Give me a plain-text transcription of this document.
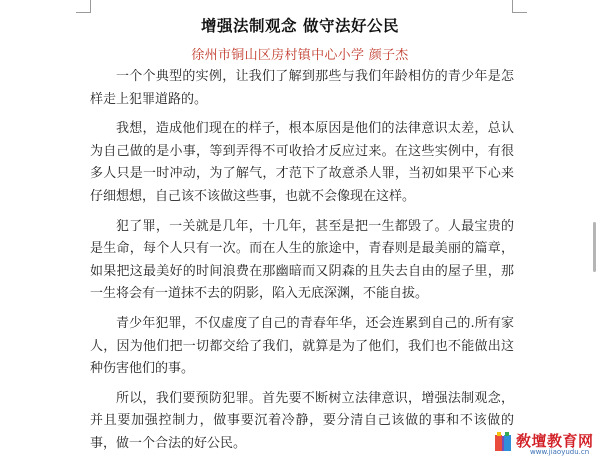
增强法制观念 做守法好公民
徐州市铜山区房村镇中心小学 颜子杰

一个个典型的实例，让我们了解到那些与我们年龄相仿的青少年是怎样走上犯罪道路的。

我想，造成他们现在的样子，根本原因是他们的法律意识太差，总认为自己做的是小事，等到弄得不可收拾才反应过来。在这些实例中，有很多人只是一时冲动，为了解气，才范下了故意杀人罪，当初如果平下心来仔细想想，自己该不该做这些事，也就不会像现在这样。

犯了罪，一关就是几年，十几年，甚至是把一生都毁了。人最宝贵的是生命，每个人只有一次。而在人生的旅途中，青春则是最美丽的篇章，如果把这最美好的时间浪费在那幽暗而又阴森的且失去自由的屋子里，那一生将会有一道抹不去的阴影，陷入无底深渊，不能自拔。

青少年犯罪，不仅虚度了自己的青春年华，还会连累到自己的.所有家人，因为他们把一切都交给了我们，就算是为了他们，我们也不能做出这种伤害他们的事。

所以，我们要预防犯罪。首先要不断树立法律意识，增强法制观念，并且要加强控制力，做事要沉着冷静，要分清自己该做的事和不该做的事，做一个合法的好公民。	敎壇教育网
www.jiaoyudu.cn
